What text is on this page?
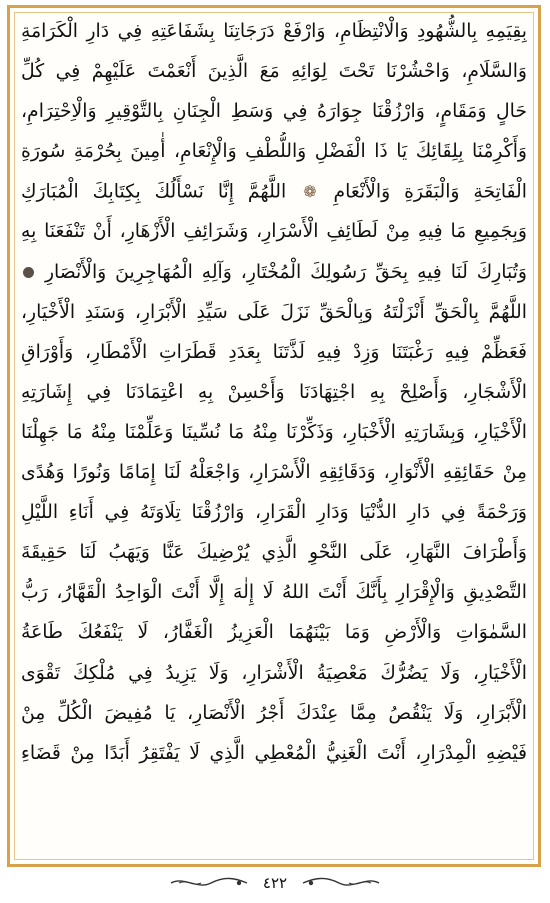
بِقِيَمِهِ بِالشُّهُودِ وَالْانْتِظَامِ، وَارْفَعْ دَرَجَاتِنَا بِشَفَاعَتِهِ فِي دَارِ الْكَرَامَةِ
وَالسَّلَامِ، وَاحْشُرْنَا تَحْتَ لِوَائِهِ مَعَ الَّذِينَ أَنْعَمْتَ عَلَيْهِمْ فِي كُلِّ
حَالٍ وَمَقَامٍ، وَارْزُقْنَا جِوَارَهُ فِي وَسَطِ الْجِنَانِ بِالتَّوْقِيرِ وَالْاِحْتِرَامِ،
وَأَكْرِمْنَا بِلِقَائِكَ يَا ذَا الْفَضْلِ وَاللُّطْفِ وَالْإِنْعَامِ، أٰمِينَ بِحُرْمَةِ سُورَةِ
الْفَاتِحَةِ وَالْبَقَرَةِ وَالْأَنْعَامِ ❁ اللَّهُمَّ إِنَّا نَسْأَلُكَ بِكِتَابِكَ الْمُبَارَكِ
وَبِجَمِيعِ مَا فِيهِ مِنْ لَطَائِفِ الْأَسْرَارِ، وَشَرَائِفِ الْأَزْهَارِ، أَنْ تَنْفَعَنَا بِهِ
وَتُبَارِكَ لَنَا فِيهِ بِحَقِّ رَسُولِكَ الْمُخْتَارِ، وَآلِهِ الْمُهَاجِرِينَ وَالْأَنْصَارِ
اللَّهُمَّ بِالْحَقِّ أَنْزَلْتَهُ وَبِالْحَقِّ نَزَلَ عَلَى سَيِّدِ الْأَبْرَارِ، وَسَنَدِ الْأَخْيَارِ،
فَعَظِّمْ فِيهِ رَغْبَتَنَا وَزِدْ فِيهِ لَذَّتَنَا بِعَدَدِ قَطَرَاتِ الْأَمْطَارِ، وَأَوْرَاقِ
الْأَشْجَارِ، وَأَصْلِحْ بِهِ اجْتِهَادَنَا وَأَحْسِنْ بِهِ اعْتِمَادَنَا فِي إِشَارَتِهِ
الْأَخْيَارِ، وَبِشَارَتِهِ الْأَخْبَارِ، وَذَكِّرْنَا مِنْهُ مَا نُسِّينَا وَعَلِّمْنَا مِنْهُ مَا جَهِلْنَا
مِنْ حَقَائِقِهِ الْأَنْوَارِ، وَدَقَائِقِهِ الْأَسْرَارِ، وَاجْعَلْهُ لَنَا إِمَامًا وَنُورًا وَهُدًى
وَرَحْمَةً فِي دَارِ الدُّنْيَا وَدَارِ الْقَرَارِ، وَارْزُقْنَا تِلَاوَتَهُ فِي أَنَاءِ اللَّيْلِ
وَأَطْرَافَ النَّهَارِ، عَلَى النَّحْوِ الَّذِي يُرْضِيكَ عَنَّا وَيَهَبُ لَنَا حَقِيقَةَ
التَّصْدِيقِ وَالْإِقْرَارِ بِأَنَّكَ أَنْتَ اللهُ لَا إِلٰهَ إِلَّا أَنْتَ الْوَاحِدُ الْقَهَّارُ، رَبُّ
السَّمٰوَاتِ وَالْأَرْضِ وَمَا بَيْنَهُمَا الْعَزِيزُ الْغَفَّارُ، لَا يَنْفَعُكَ طَاعَةُ
الْأَخْيَارِ، وَلَا يَضُرُّكَ مَعْصِيَةُ الْأَشْرَارِ، وَلَا يَزِيدُ فِي مُلْكِكَ تَقْوَى
الْأَبْرَارِ، وَلَا يَنْقُصُ مِمَّا عِنْدَكَ أَجْرُ الْأَنْصَارِ، يَا مُفِيضَ الْكُلِّ مِنْ
فَيْضِهِ الْمِدْرَارِ، أَنْتَ الْغَنِيُّ الْمُعْطِي الَّذِي لَا يَفْتَقِرُ أَبَدًا مِنْ قَضَاءِ
٤٢٢
